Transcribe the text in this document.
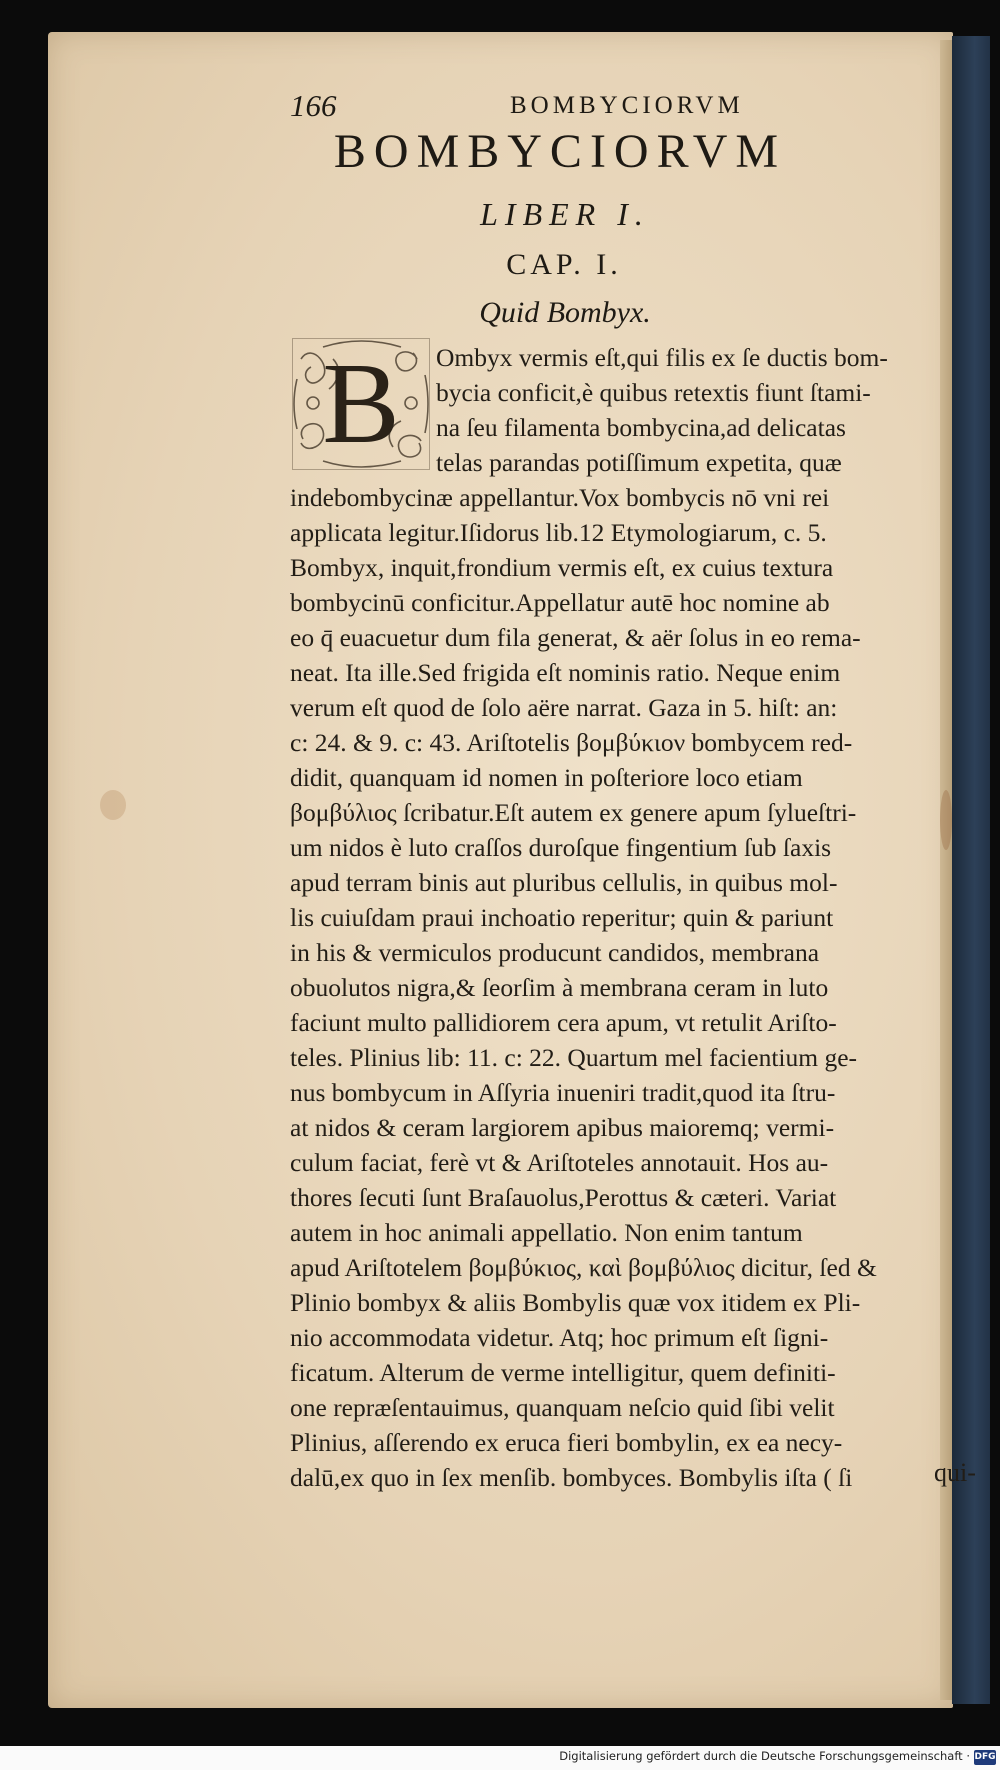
166	BOMBYCIORVM
BOMBYCIORVM
LIBER I.
CAP. I.
Quid Bombyx.
B	Ombyx vermis eſt,qui filis ex ſe ductis bom-
bycia conficit,è quibus retextis fiunt ſtami-
na ſeu filamenta bombycina,ad delicatas
telas parandas potiſſimum expetita, quæ
indebombycinæ appellantur.Vox bombycis nō vni rei
applicata legitur.Iſidorus lib.12 Etymologiarum, c. 5.
Bombyx, inquit,frondium vermis eſt, ex cuius textura
bombycinū conficitur.Appellatur autē hoc nomine ab
eo q̄ euacuetur dum fila generat, & aër ſolus in eo rema-
neat. Ita ille.Sed frigida eſt nominis ratio. Neque enim
verum eſt quod de ſolo aëre narrat. Gaza in 5. hiſt: an:
c: 24. & 9. c: 43. Ariſtotelis βομβύκιον bombycem red-
didit, quanquam id nomen in poſteriore loco etiam
βομβύλιος ſcribatur.Eſt autem ex genere apum ſylueſtri-
um nidos è luto craſſos duroſque fingentium ſub ſaxis
apud terram binis aut pluribus cellulis, in quibus mol-
lis cuiuſdam praui inchoatio reperitur; quin & pariunt
in his & vermiculos producunt candidos, membrana
obuolutos nigra,& ſeorſim à membrana ceram in luto
faciunt multo pallidiorem cera apum, vt retulit Ariſto-
teles. Plinius lib: 11. c: 22. Quartum mel facientium ge-
nus bombycum in Aſſyria inueniri tradit,quod ita ſtru-
at nidos & ceram largiorem apibus maioremq; vermi-
culum faciat, ferè vt & Ariſtoteles annotauit. Hos au-
thores ſecuti ſunt Braſauolus,Perottus & cæteri. Variat
autem in hoc animali appellatio. Non enim tantum
apud Ariſtotelem βομβύκιος, καὶ βομβύλιος dicitur, ſed &
Plinio bombyx & aliis Bombylis quæ vox itidem ex Pli-
nio accommodata videtur. Atq; hoc primum eſt ſigni-
ficatum. Alterum de verme intelligitur, quem definiti-
one repræſentauimus, quanquam neſcio quid ſibi velit
Plinius, aſſerendo ex eruca fieri bombylin, ex ea necy-
dalū,ex quo in ſex menſib. bombyces. Bombylis iſta ( ſi	qui-
Digitalisierung gefördert durch die Deutsche Forschungsgemeinschaft · DFG
